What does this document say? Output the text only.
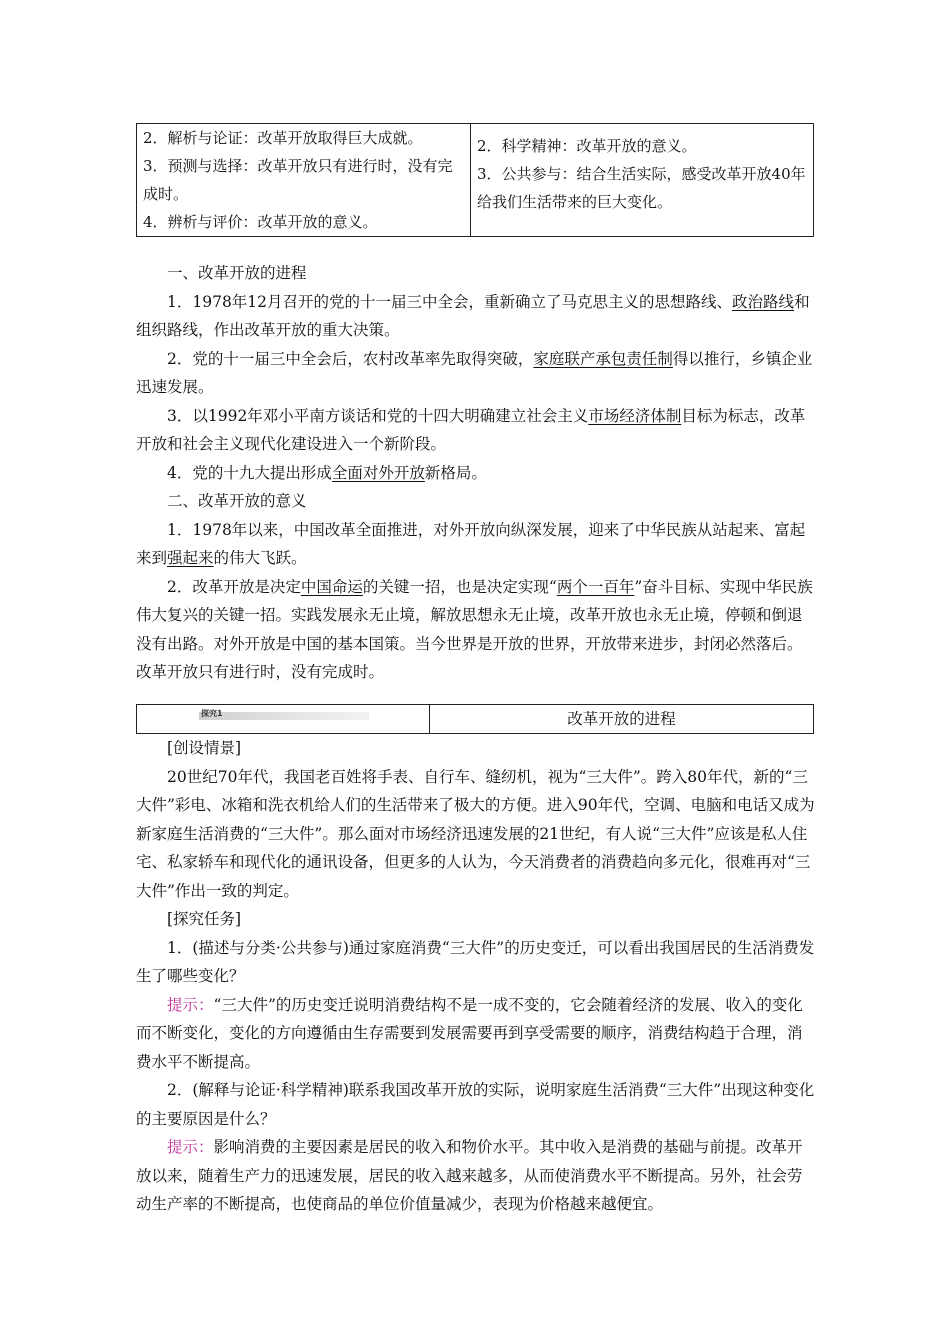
2．解析与论证：改革开放取得巨大成就。

3．预测与选择：改革开放只有进行时，没有完成时。

4．辨析与评价：改革开放的意义。

2．科学精神：改革开放的意义。

3．公共参与：结合生活实际，感受改革开放40年给我们生活带来的巨大变化。

一、改革开放的进程

1．1978年12月召开的党的十一届三中全会，重新确立了马克思主义的思想路线、政治路线和组织路线，作出改革开放的重大决策。

2．党的十一届三中全会后，农村改革率先取得突破，家庭联产承包责任制得以推行，乡镇企业迅速发展。

3．以1992年邓小平南方谈话和党的十四大明确建立社会主义市场经济体制目标为标志，改革开放和社会主义现代化建设进入一个新阶段。

4．党的十九大提出形成全面对外开放新格局。

二、改革开放的意义

1．1978年以来，中国改革全面推进，对外开放向纵深发展，迎来了中华民族从站起来、富起来到强起来的伟大飞跃。

2．改革开放是决定中国命运的关键一招，也是决定实现“两个一百年”奋斗目标、实现中华民族伟大复兴的关键一招。实践发展永无止境，解放思想永无止境，改革开放也永无止境，停顿和倒退没有出路。对外开放是中国的基本国策。当今世界是开放的世界，开放带来进步，封闭必然落后。改革开放只有进行时，没有完成时。

探究1	改革开放的进程

[创设情景]

20世纪70年代，我国老百姓将手表、自行车、缝纫机，视为“三大件”。跨入80年代，新的“三大件”彩电、冰箱和洗衣机给人们的生活带来了极大的方便。进入90年代，空调、电脑和电话又成为新家庭生活消费的“三大件”。那么面对市场经济迅速发展的21世纪，有人说“三大件”应该是私人住宅、私家轿车和现代化的通讯设备，但更多的人认为，今天消费者的消费趋向多元化，很难再对“三大件”作出一致的判定。

[探究任务]

1．(描述与分类·公共参与)通过家庭消费“三大件”的历史变迁，可以看出我国居民的生活消费发生了哪些变化？

提示：“三大件”的历史变迁说明消费结构不是一成不变的，它会随着经济的发展、收入的变化而不断变化，变化的方向遵循由生存需要到发展需要再到享受需要的顺序，消费结构趋于合理，消费水平不断提高。

2．(解释与论证·科学精神)联系我国改革开放的实际，说明家庭生活消费“三大件”出现这种变化的主要原因是什么？

提示：影响消费的主要因素是居民的收入和物价水平。其中收入是消费的基础与前提。改革开放以来，随着生产力的迅速发展，居民的收入越来越多，从而使消费水平不断提高。另外，社会劳动生产率的不断提高，也使商品的单位价值量减少，表现为价格越来越便宜。
